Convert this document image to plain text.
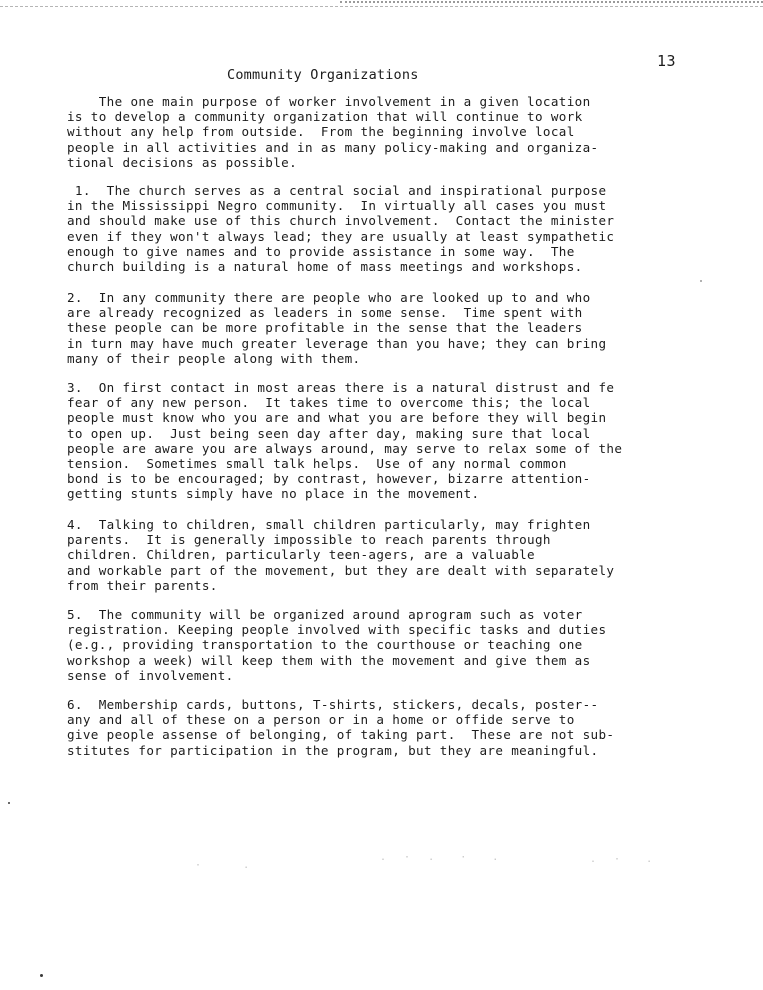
13
Community Organizations

The one main purpose of worker involvement in a given location
is to develop a community organization that will continue to work
without any help from outside.  From the beginning involve local
people in all activities and in as many policy-making and organiza-
tional decisions as possible.

1.  The church serves as a central social and inspirational purpose
in the Mississippi Negro community.  In virtually all cases you must
and should make use of this church involvement.  Contact the minister
even if they won't always lead; they are usually at least sympathetic
enough to give names and to provide assistance in some way.  The
church building is a natural home of mass meetings and workshops.

2.  In any community there are people who are looked up to and who
are already recognized as leaders in some sense.  Time spent with
these people can be more profitable in the sense that the leaders
in turn may have much greater leverage than you have; they can bring
many of their people along with them.

3.  On first contact in most areas there is a natural distrust and fe
fear of any new person.  It takes time to overcome this; the local
people must know who you are and what you are before they will begin
to open up.  Just being seen day after day, making sure that local
people are aware you are always around, may serve to relax some of the
tension.  Sometimes small talk helps.  Use of any normal common
bond is to be encouraged; by contrast, however, bizarre attention-
getting stunts simply have no place in the movement.

4.  Talking to children, small children particularly, may frighten
parents.  It is generally impossible to reach parents through
children. Children, particularly teen-agers, are a valuable
and workable part of the movement, but they are dealt with separately
from their parents.

5.  The community will be organized around aprogram such as voter
registration. Keeping people involved with specific tasks and duties
(e.g., providing transportation to the courthouse or teaching one
workshop a week) will keep them with the movement and give them as
sense of involvement.

6.  Membership cards, buttons, T-shirts, stickers, decals, poster--
any and all of these on a person or in a home or offide serve to
give people assense of belonging, of taking part.  These are not sub-
stitutes for participation in the program, but they are meaningful.

.  ·  .   ·   .
·     .
.  ·   .
